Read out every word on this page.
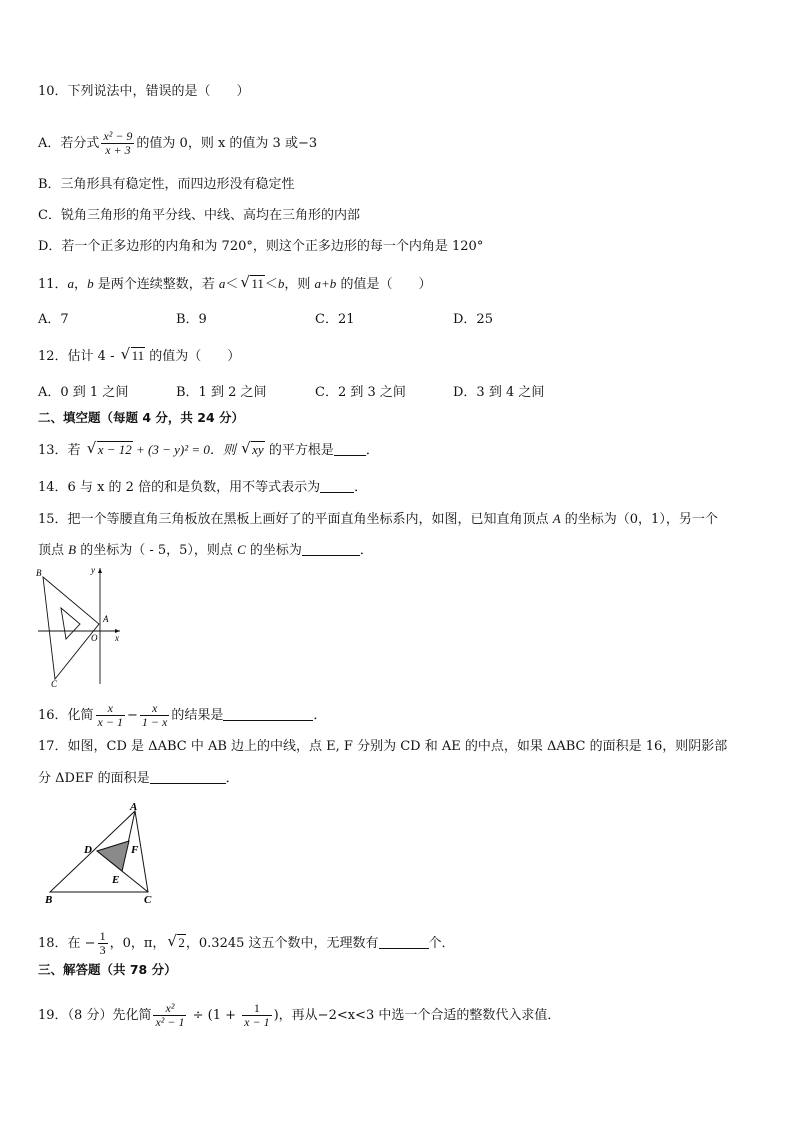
10．下列说法中，错误的是（　　）
A．若分式 $\frac{\text{x² − 9}}{x + 3}$ 的值为 0，则 x 的值为 3 或−3
B．三角形具有稳定性，而四边形没有稳定性
C．锐角三角形的角平分线、中线、高均在三角形的内部
D．若一个正多边形的内角和为 720°，则这个正多边形的每一个内角是 120°
11．a，b 是两个连续整数，若 a＜ √ 11＜b，则 a+b 的值是（　　）
A．7	B．9	C．21	D．25
12．估计 4 - √ 11 的值为（　　）
A．0 到 1 之间	B．1 到 2 之间	C．2 到 3 之间	D．3 到 4 之间
二、填空题（每题 4 分，共 24 分）
13．若 √ x − 12 + (3 − y)² = 0．则 √ xy 的平方根是 ．
14．6 与 x 的 2 倍的和是负数，用不等式表示为	．
15．把一个等腰直角三角板放在黑板上画好了的平面直角坐标系内，如图，已知直角顶点 A 的坐标为（0，1），另一个
顶点 B 的坐标为（ - 5，5），则点 C 的坐标为	．
B	y
A
O x
C
16．化简 $\frac{x}{x - 1} - \frac{x}{1 - x}$ 的结果是	．
17．如图，CD 是 ΔABC 中 AB 边上的中线，点 E, F 分别为 CD 和 AE 的中点，如果 ΔABC 的面积是 16，则阴影部
分 ΔDEF 的面积是	．
A
D	F
E
B	C
18．在 − $\frac{1}{3}$ ，0，π， √ 2，0.3245 这五个数中，无理数有	个．
三、解答题（共 78 分）
19．（8 分）先化简 $\frac{\text{x²}}{\text{x² − 1}} \div (1 + \frac{1}{x - 1}$ )，再从−2<x<3 中选一个合适的整数代入求值．
